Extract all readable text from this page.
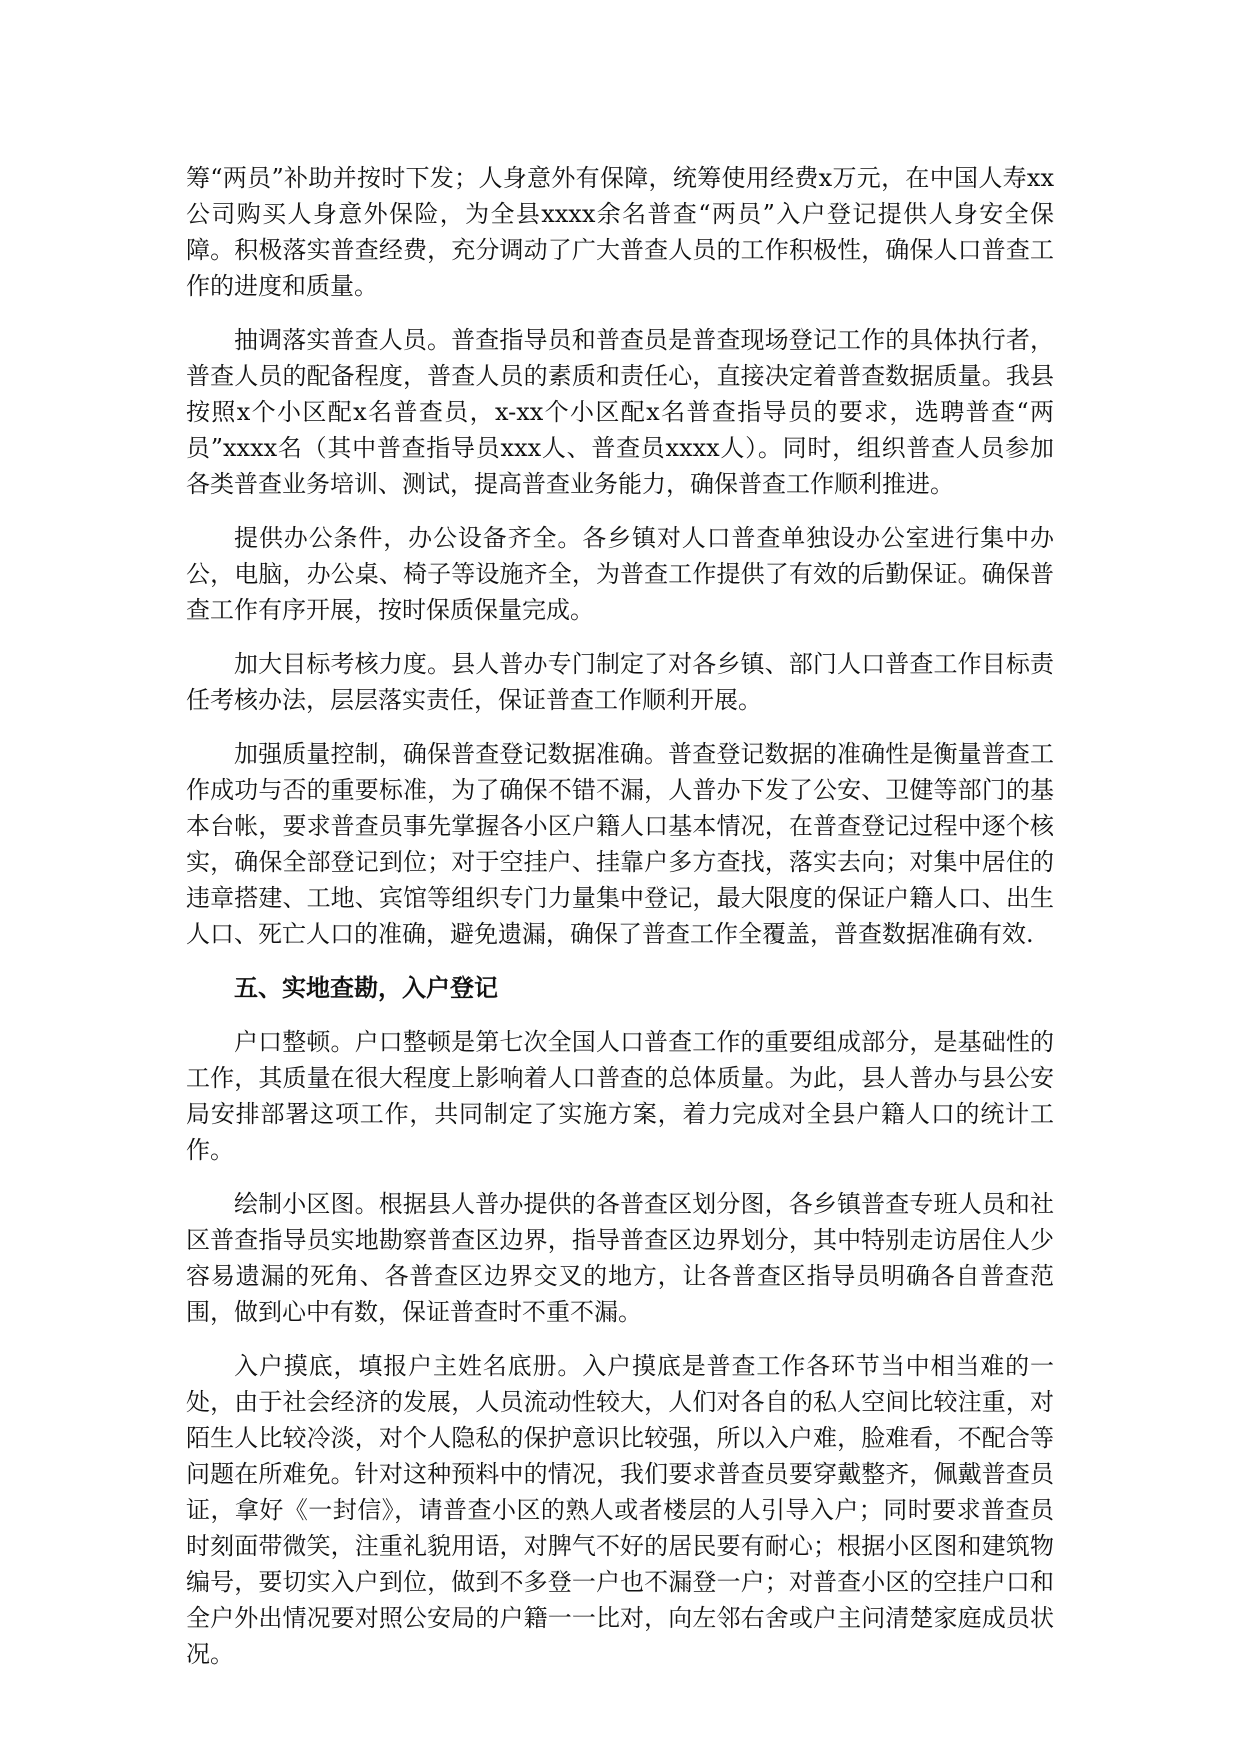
筹“两员”补助并按时下发；人身意外有保障，统筹使用经费x万元，在中国人寿xx公司购买人身意外保险，为全县xxxx余名普查“两员”入户登记提供人身安全保障。积极落实普查经费，充分调动了广大普查人员的工作积极性，确保人口普查工作的进度和质量。

抽调落实普查人员。普查指导员和普查员是普查现场登记工作的具体执行者，普查人员的配备程度，普查人员的素质和责任心，直接决定着普查数据质量。我县按照x个小区配x名普查员，x-xx个小区配x名普查指导员的要求，选聘普查“两员”xxxx名（其中普查指导员xxx人、普查员xxxx人）。同时，组织普查人员参加各类普查业务培训、测试，提高普查业务能力，确保普查工作顺利推进。

提供办公条件，办公设备齐全。各乡镇对人口普查单独设办公室进行集中办公，电脑，办公桌、椅子等设施齐全，为普查工作提供了有效的后勤保证。确保普查工作有序开展，按时保质保量完成。

加大目标考核力度。县人普办专门制定了对各乡镇、部门人口普查工作目标责任考核办法，层层落实责任，保证普查工作顺利开展。

加强质量控制，确保普查登记数据准确。普查登记数据的准确性是衡量普查工作成功与否的重要标准，为了确保不错不漏，人普办下发了公安、卫健等部门的基本台帐，要求普查员事先掌握各小区户籍人口基本情况，在普查登记过程中逐个核实，确保全部登记到位；对于空挂户、挂靠户多方查找，落实去向；对集中居住的违章搭建、工地、宾馆等组织专门力量集中登记，最大限度的保证户籍人口、出生人口、死亡人口的准确，避免遗漏，确保了普查工作全覆盖，普查数据准确有效.

五、实地查勘，入户登记

户口整顿。户口整顿是第七次全国人口普查工作的重要组成部分，是基础性的工作，其质量在很大程度上影响着人口普查的总体质量。为此，县人普办与县公安局安排部署这项工作，共同制定了实施方案，着力完成对全县户籍人口的统计工作。

绘制小区图。根据县人普办提供的各普查区划分图，各乡镇普查专班人员和社区普查指导员实地勘察普查区边界，指导普查区边界划分，其中特别走访居住人少容易遗漏的死角、各普查区边界交叉的地方，让各普查区指导员明确各自普查范围，做到心中有数，保证普查时不重不漏。

入户摸底，填报户主姓名底册。入户摸底是普查工作各环节当中相当难的一处，由于社会经济的发展，人员流动性较大，人们对各自的私人空间比较注重，对陌生人比较冷淡，对个人隐私的保护意识比较强，所以入户难，脸难看，不配合等问题在所难免。针对这种预料中的情况，我们要求普查员要穿戴整齐，佩戴普查员证，拿好《一封信》，请普查小区的熟人或者楼层的人引导入户；同时要求普查员时刻面带微笑，注重礼貌用语，对脾气不好的居民要有耐心；根据小区图和建筑物编号，要切实入户到位，做到不多登一户也不漏登一户；对普查小区的空挂户口和全户外出情况要对照公安局的户籍一一比对，向左邻右舍或户主问清楚家庭成员状况。
